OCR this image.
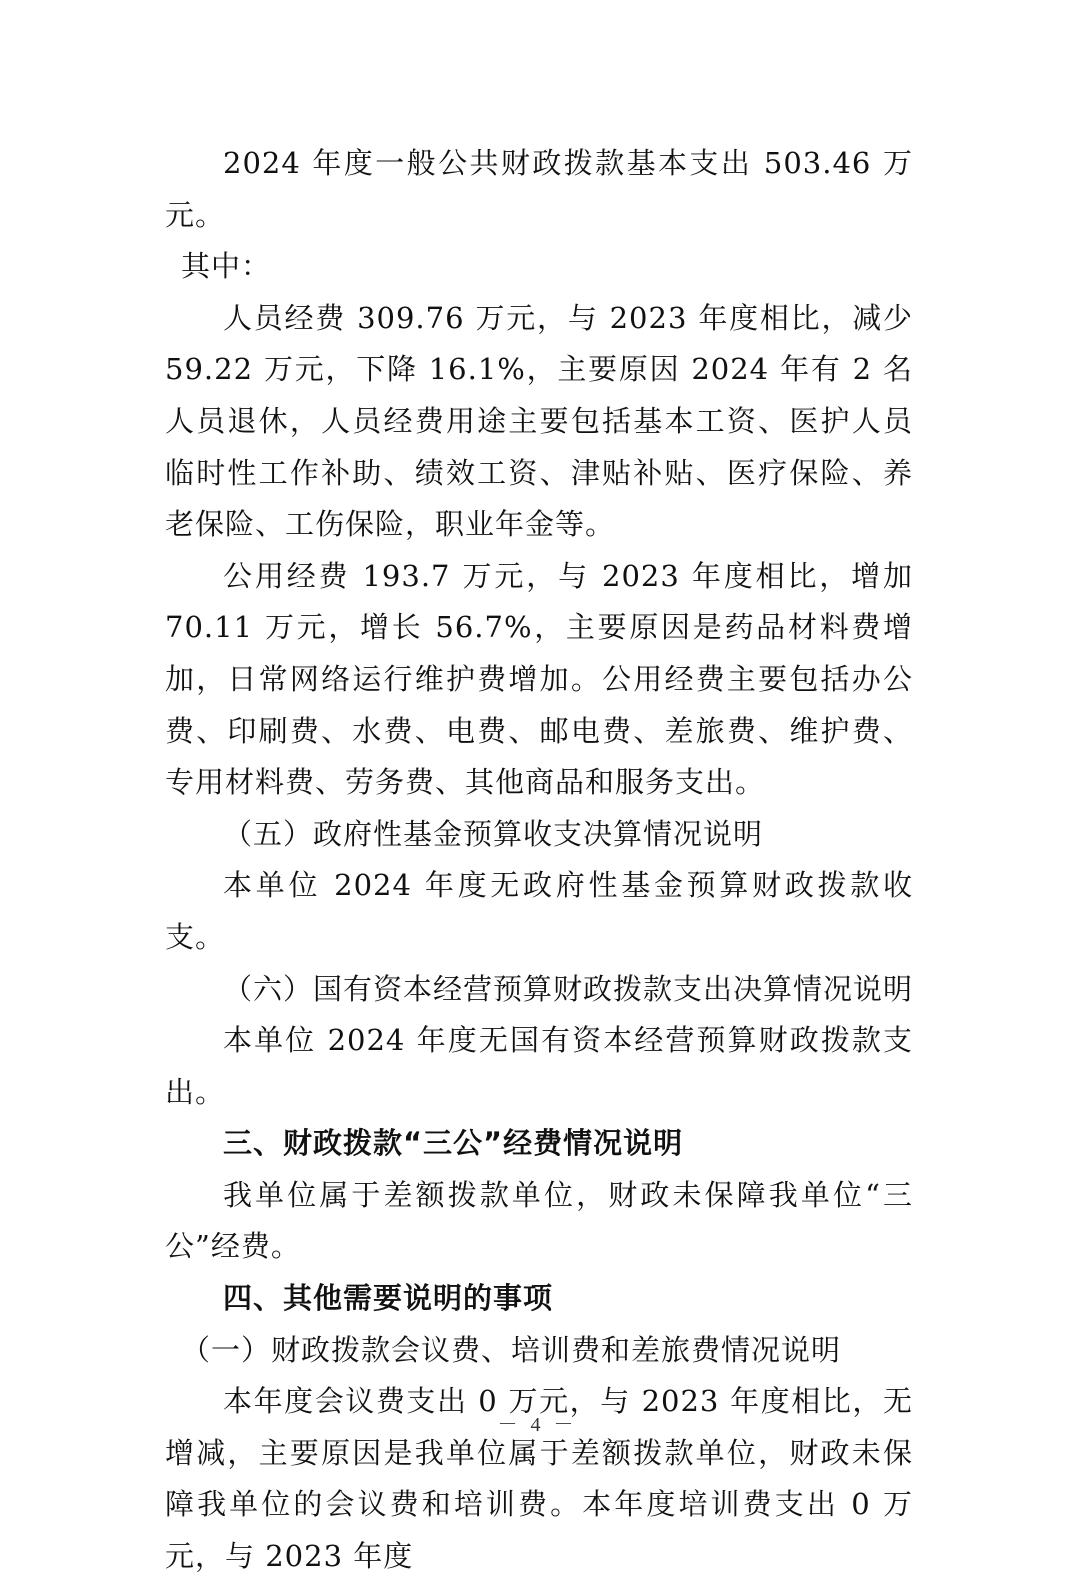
2024 年度一般公共财政拨款基本支出 503.46 万元。

其中：

人员经费 309.76 万元，与 2023 年度相比，减少 59.22 万元，下降 16.1%，主要原因 2024 年有 2 名人员退休，人员经费用途主要包括基本工资、医护人员临时性工作补助、绩效工资、津贴补贴、医疗保险、养老保险、工伤保险，职业年金等。

公用经费 193.7 万元，与 2023 年度相比，增加 70.11 万元，增长 56.7%，主要原因是药品材料费增加，日常网络运行维护费增加。公用经费主要包括办公费、印刷费、水费、电费、邮电费、差旅费、维护费、专用材料费、劳务费、其他商品和服务支出。

（五）政府性基金预算收支决算情况说明

本单位 2024 年度无政府性基金预算财政拨款收支。

（六）国有资本经营预算财政拨款支出决算情况说明

本单位 2024 年度无国有资本经营预算财政拨款支出。

三、财政拨款“三公”经费情况说明

我单位属于差额拨款单位，财政未保障我单位“三公”经费。

四、其他需要说明的事项

（一）财政拨款会议费、培训费和差旅费情况说明

本年度会议费支出 0 万元，与 2023 年度相比，无增减，主要原因是我单位属于差额拨款单位，财政未保障我单位的会议费和培训费。本年度培训费支出 0 万元，与 2023 年度

－ 4 －
